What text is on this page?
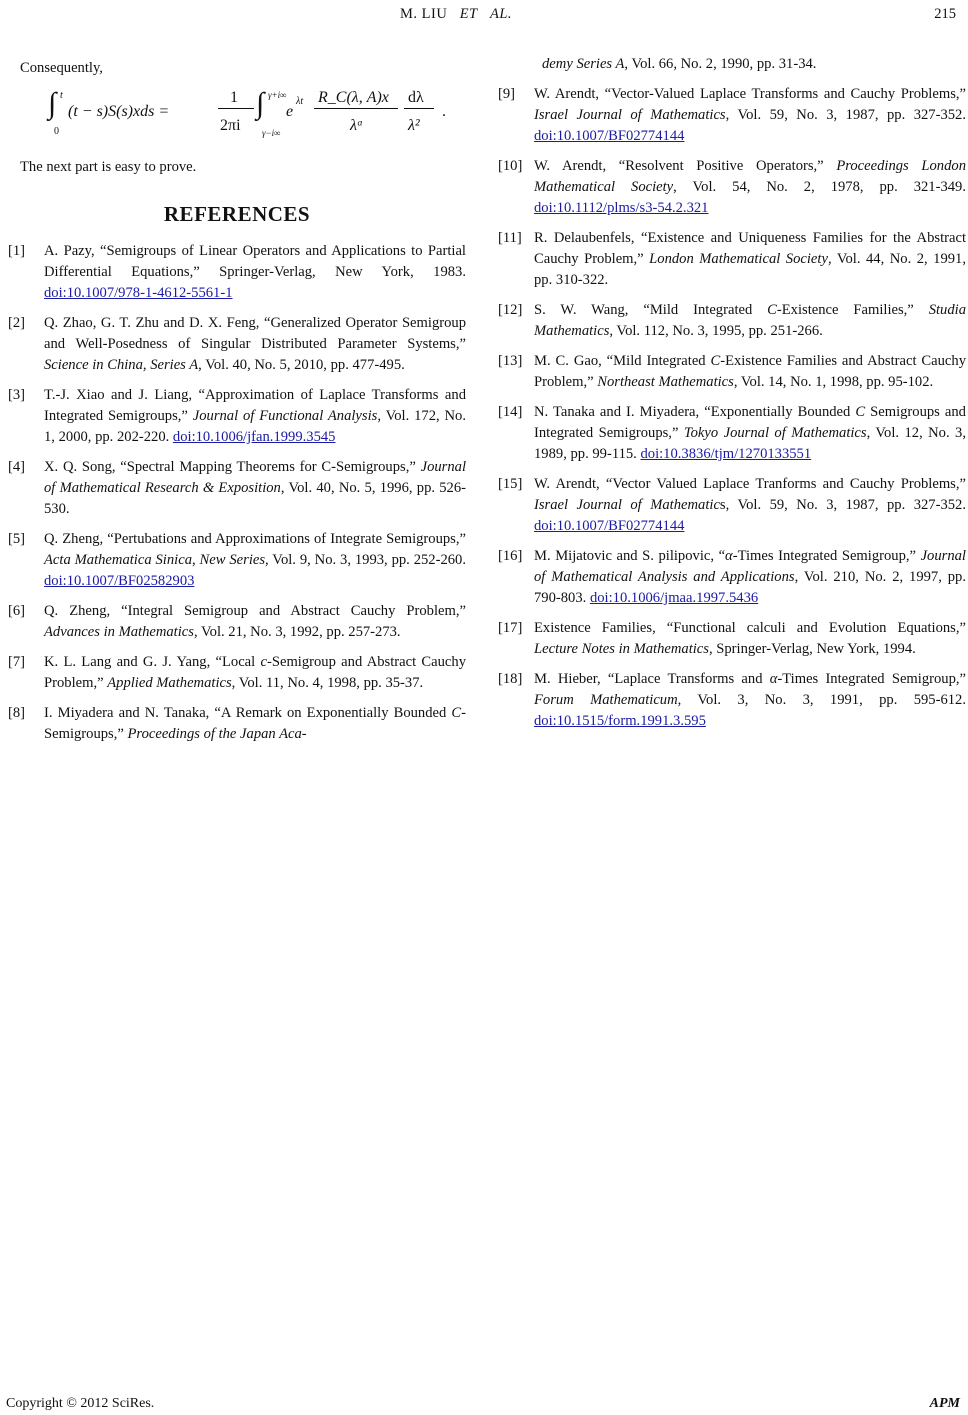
M. LIU ET AL.	215

Consequently,

∫ t
0
(t − s)S(s)xds =
1
2πi
∫ γ+i∞
γ−i∞
e
λt R_C(λ, A)x
λᵅ
dλ
λ²
.

The next part is easy to prove.

REFERENCES
[1]	A. Pazy, “Semigroups of Linear Operators and Applications to Partial Differential Equations,” Springer-Verlag, New York, 1983. doi:10.1007/978-1-4612-5561-1
[2]	Q. Zhao, G. T. Zhu and D. X. Feng, “Generalized Operator Semigroup and Well-Posedness of Singular Distributed Parameter Systems,” Science in China, Series A, Vol. 40, No. 5, 2010, pp. 477-495.
[3]	T.-J. Xiao and J. Liang, “Approximation of Laplace Transforms and Integrated Semigroups,” Journal of Functional Analysis, Vol. 172, No. 1, 2000, pp. 202-220. doi:10.1006/jfan.1999.3545
[4]	X. Q. Song, “Spectral Mapping Theorems for C-Semigroups,” Journal of Mathematical Research & Exposition, Vol. 40, No. 5, 1996, pp. 526-530.
[5]	Q. Zheng, “Pertubations and Approximations of Integrate Semigroups,” Acta Mathematica Sinica, New Series, Vol. 9, No. 3, 1993, pp. 252-260. doi:10.1007/BF02582903
[6]	Q. Zheng, “Integral Semigroup and Abstract Cauchy Problem,” Advances in Mathematics, Vol. 21, No. 3, 1992, pp. 257-273.
[7]	K. L. Lang and G. J. Yang, “Local c-Semigroup and Abstract Cauchy Problem,” Applied Mathematics, Vol. 11, No. 4, 1998, pp. 35-37.
[8]	I. Miyadera and N. Tanaka, “A Remark on Exponentially Bounded C-Semigroups,” Proceedings of the Japan Aca-
demy Series A, Vol. 66, No. 2, 1990, pp. 31-34.
[9]	W. Arendt, “Vector-Valued Laplace Transforms and Cauchy Problems,” Israel Journal of Mathematics, Vol. 59, No. 3, 1987, pp. 327-352. doi:10.1007/BF02774144
[10] W. Arendt, “Resolvent Positive Operators,” Proceedings London Mathematical Society, Vol. 54, No. 2, 1978, pp. 321-349. doi:10.1112/plms/s3-54.2.321
[11] R. Delaubenfels, “Existence and Uniqueness Families for the Abstract Cauchy Problem,” London Mathematical Society, Vol. 44, No. 2, 1991, pp. 310-322.
[12] S. W. Wang, “Mild Integrated C-Existence Families,” Studia Mathematics, Vol. 112, No. 3, 1995, pp. 251-266.
[13] M. C. Gao, “Mild Integrated C-Existence Families and Abstract Cauchy Problem,” Northeast Mathematics, Vol. 14, No. 1, 1998, pp. 95-102.
[14] N. Tanaka and I. Miyadera, “Exponentially Bounded C Semigroups and Integrated Semigroups,” Tokyo Journal of Mathematics, Vol. 12, No. 3, 1989, pp. 99-115. doi:10.3836/tjm/1270133551
[15] W. Arendt, “Vector Valued Laplace Tranforms and Cauchy Problems,” Israel Journal of Mathematics, Vol. 59, No. 3, 1987, pp. 327-352. doi:10.1007/BF02774144
[16] M. Mijatovic and S. pilipovic, “α-Times Integrated Semigroup,” Journal of Mathematical Analysis and Applications, Vol. 210, No. 2, 1997, pp. 790-803. doi:10.1006/jmaa.1997.5436
[17] Existence Families, “Functional calculi and Evolution Equations,” Lecture Notes in Mathematics, Springer-Verlag, New York, 1994.
[18] M. Hieber, “Laplace Transforms and α-Times Integrated Semigroup,” Forum Mathematicum, Vol. 3, No. 3, 1991, pp. 595-612. doi:10.1515/form.1991.3.595
Copyright © 2012 SciRes.	APM
